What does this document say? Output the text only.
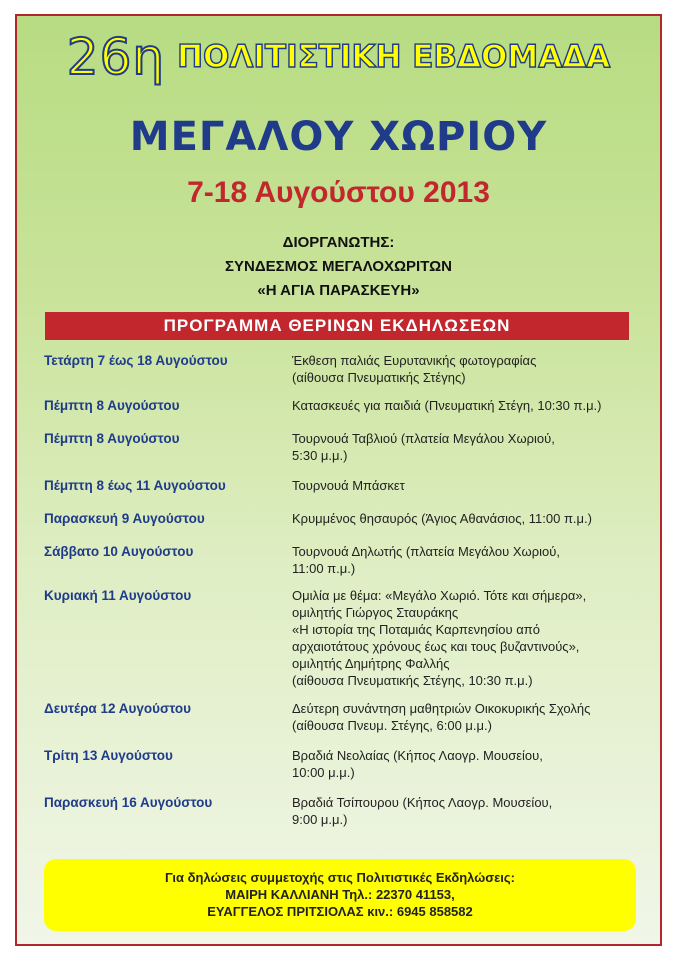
26η ΠΟΛΙΤΙΣΤΙΚΗ ΕΒΔΟΜΑΔΑ
ΜΕΓΑΛΟΥ ΧΩΡΙΟΥ
7-18 Αυγούστου 2013
ΔΙΟΡΓΑΝΩΤΗΣ:
ΣΥΝΔΕΣΜΟΣ ΜΕΓΑΛΟΧΩΡΙΤΩΝ
«Η ΑΓΙΑ ΠΑΡΑΣΚΕΥΗ»
ΠΡΟΓΡΑΜΜΑ ΘΕΡΙΝΩΝ ΕΚΔΗΛΩΣΕΩΝ
Τετάρτη 7 έως 18 Αυγούστου	Έκθεση παλιάς Ευρυτανικής φωτογραφίας
(αίθουσα Πνευματικής Στέγης)
Πέμπτη 8 Αυγούστου	Κατασκευές για παιδιά (Πνευματική Στέγη, 10:30 π.μ.)
Πέμπτη 8 Αυγούστου	Τουρνουά Ταβλιού (πλατεία Μεγάλου Χωριού,
5:30 μ.μ.)
Πέμπτη 8 έως 11 Αυγούστου	Τουρνουά Μπάσκετ
Παρασκευή 9 Αυγούστου	Κρυμμένος θησαυρός (Άγιος Αθανάσιος, 11:00 π.μ.)
Σάββατο 10 Αυγούστου	Τουρνουά Δηλωτής (πλατεία Μεγάλου Χωριού,
11:00 π.μ.)
Κυριακή 11 Αυγούστου	Ομιλία με θέμα: «Μεγάλο Χωριό. Τότε και σήμερα»,
ομιλητής Γιώργος Σταυράκης
«Η ιστορία της Ποταμιάς Καρπενησίου από
αρχαιοτάτους χρόνους έως και τους βυζαντινούς»,
ομιλητής Δημήτρης Φαλλής
(αίθουσα Πνευματικής Στέγης, 10:30 π.μ.)
Δευτέρα 12 Αυγούστου	Δεύτερη συνάντηση μαθητριών Οικοκυρικής Σχολής
(αίθουσα Πνευμ. Στέγης, 6:00 μ.μ.)
Τρίτη 13 Αυγούστου	Βραδιά Νεολαίας (Κήπος Λαογρ. Μουσείου,
10:00 μ.μ.)
Παρασκευή 16 Αυγούστου	Βραδιά Τσίπουρου (Κήπος Λαογρ. Μουσείου,
9:00 μ.μ.)
Για δηλώσεις συμμετοχής στις Πολιτιστικές Εκδηλώσεις:
ΜΑΙΡΗ ΚΑΛΛΙΑΝΗ Τηλ.: 22370 41153,
ΕΥΑΓΓΕΛΟΣ ΠΡΙΤΣΙΟΛΑΣ κιν.: 6945 858582
